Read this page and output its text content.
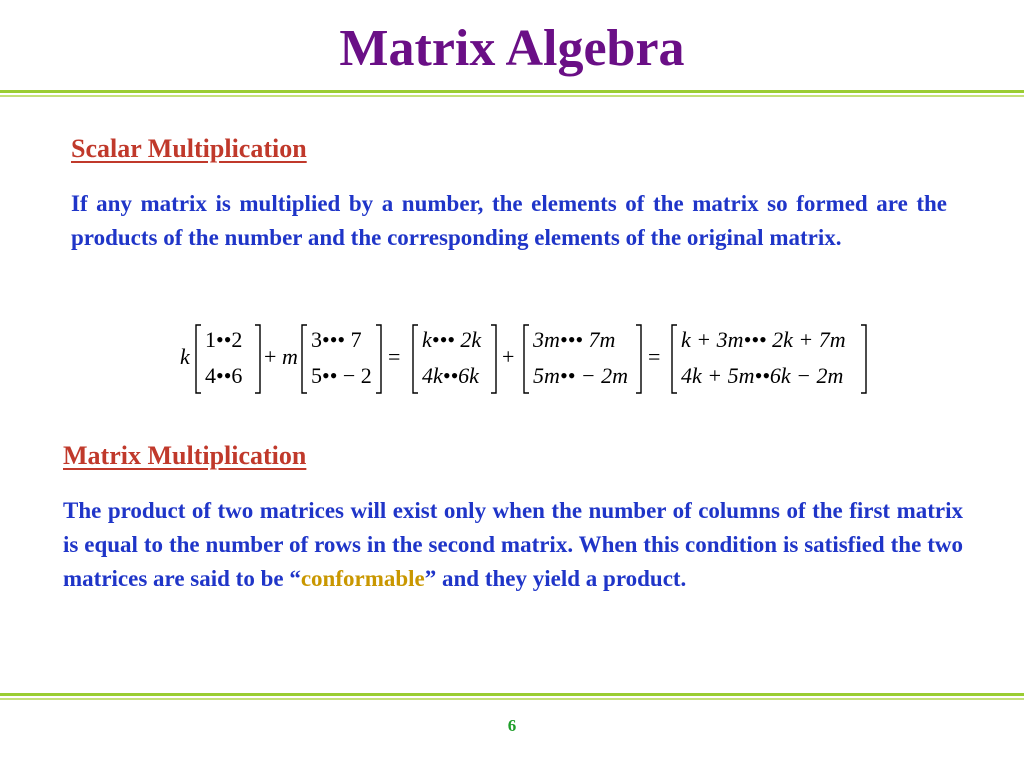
Matrix Algebra
Scalar Multiplication
If any matrix is multiplied by a number, the elements of the matrix so formed are the products of the number and the corresponding elements of the original matrix.
k
1••2
4••6
+ m
3••• 7
5•• − 2
=
k••• 2k
4k••6k
+
3m••• 7m
5m•• − 2m
=
k + 3m••• 2k + 7m
4k + 5m••6k − 2m
Matrix Multiplication
The product of two matrices will exist only when the number of columns of the first matrix is equal to the number of rows in the second matrix. When this condition is satisfied the two matrices are said to be “conformable” and they yield a product.
6
